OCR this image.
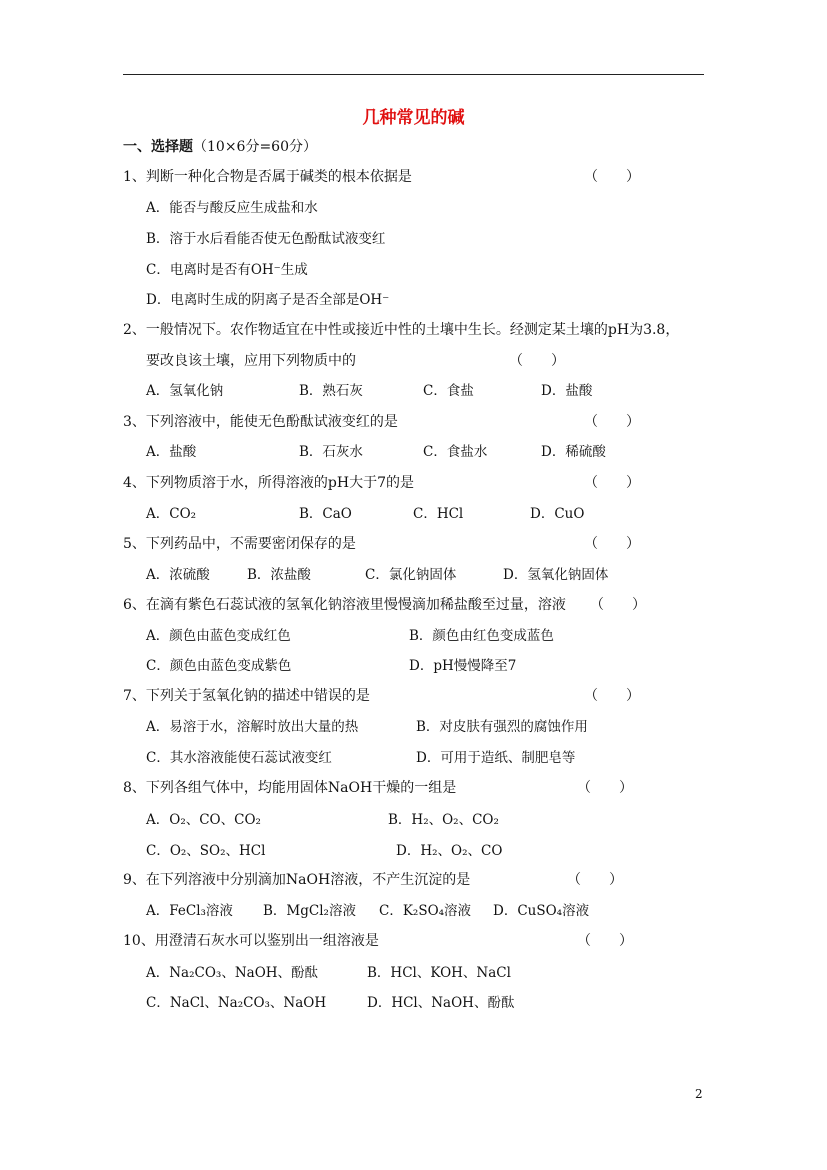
几种常见的碱
一、选择题（10×6分=60分）
1、判断一种化合物是否属于碱类的根本依据是	（　　）
A．能否与酸反应生成盐和水
B．溶于水后看能否使无色酚酞试液变红
C．电离时是否有OH⁻生成
D．电离时生成的阴离子是否全部是OH⁻
2、一般情况下。农作物适宜在中性或接近中性的土壤中生长。经测定某土壤的pH为3.8，
要改良该土壤，应用下列物质中的	（　　）
A．氢氧化钠	B．熟石灰	C．食盐	D．盐酸
3、下列溶液中，能使无色酚酞试液变红的是	（　　）
A．盐酸	B．石灰水	C．食盐水	D．稀硫酸
4、下列物质溶于水，所得溶液的pH大于7的是	（　　）
A．CO₂	B．CaO	C．HCl	D．CuO
5、下列药品中，不需要密闭保存的是	（　　）
A．浓硫酸	B．浓盐酸	C．氯化钠固体	D．氢氧化钠固体
6、在滴有紫色石蕊试液的氢氧化钠溶液里慢慢滴加稀盐酸至过量，溶液 （　　）
A．颜色由蓝色变成红色	B．颜色由红色变成蓝色
C．颜色由蓝色变成紫色	D．pH慢慢降至7
7、下列关于氢氧化钠的描述中错误的是	（　　）
A．易溶于水，溶解时放出大量的热	B．对皮肤有强烈的腐蚀作用
C．其水溶液能使石蕊试液变红	D．可用于造纸、制肥皂等
8、下列各组气体中，均能用固体NaOH干燥的一组是	（　　）
A．O₂、CO、CO₂	B．H₂、O₂、CO₂
C．O₂、SO₂、HCl	D．H₂、O₂、CO
9、在下列溶液中分别滴加NaOH溶液，不产生沉淀的是	（　　）
A．FeCl₃溶液 B．MgCl₂溶液 C．K₂SO₄溶液 D．CuSO₄溶液
10、用澄清石灰水可以鉴别出一组溶液是	（　　）
A．Na₂CO₃、NaOH、酚酞	B．HCl、KOH、NaCl
C．NaCl、Na₂CO₃、NaOH	D．HCl、NaOH、酚酞
2
